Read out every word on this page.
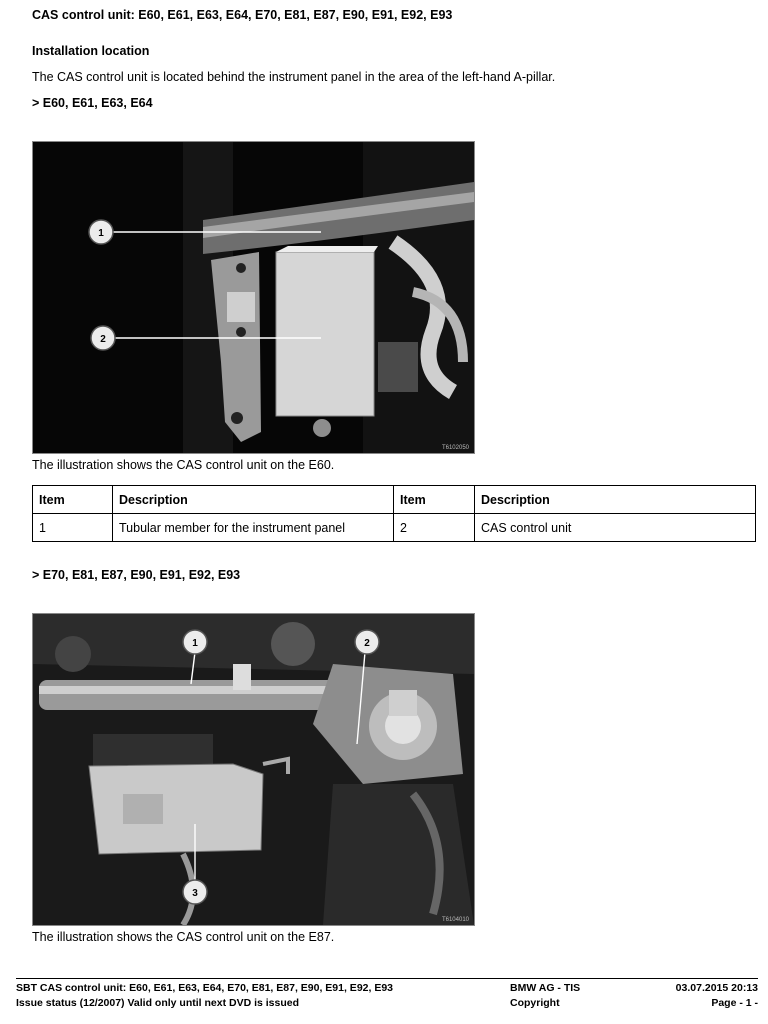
CAS control unit: E60, E61, E63, E64, E70, E81, E87, E90, E91, E92, E93
Installation location
The CAS control unit is located behind the instrument panel in the area of the left-hand A-pillar.
> E60, E61, E63, E64
1
2
T6102050
The illustration shows the CAS control unit on the E60.
Item	Description	Item	Description
1	Tubular member for the instrument panel	2	CAS control unit
> E70, E81, E87, E90, E91, E92, E93
1	2
3
T6104010
The illustration shows the CAS control unit on the E87.
SBT CAS control unit: E60, E61, E63, E64, E70, E81, E87, E90, E91, E92, E93
Issue status (12/2007) Valid only until next DVD is issued
BMW AG - TIS
Copyright
03.07.2015 20:13
Page - 1 -
